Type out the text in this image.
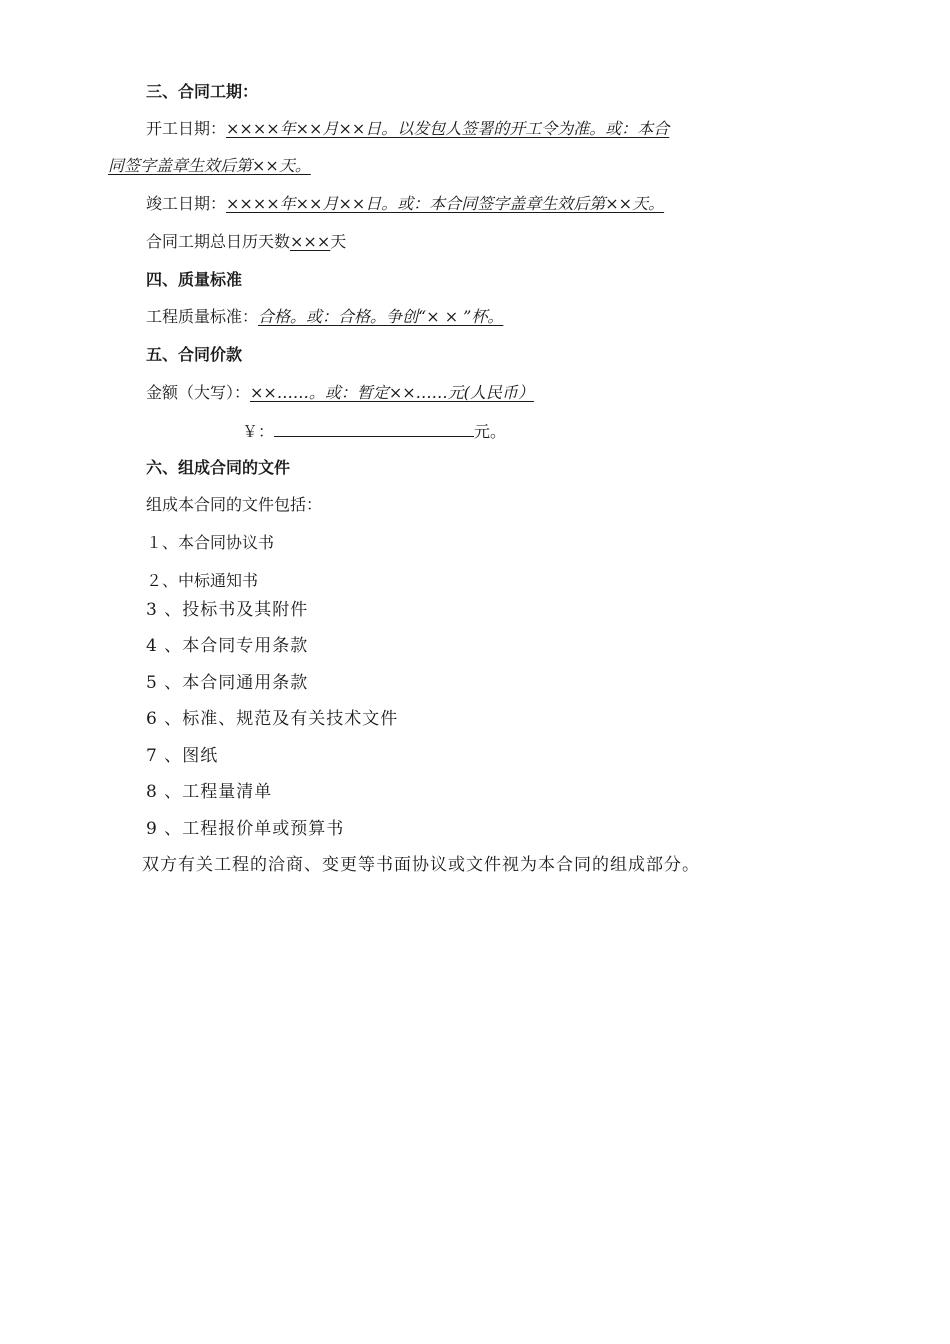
三、合同工期：
开工日期：××××年××月××日。以发包人签署的开工令为准。或：本合
同签字盖章生效后第××天。
竣工日期：××××年××月××日。或：本合同签字盖章生效后第××天。
合同工期总日历天数×××天
四、质量标准
工程质量标准：合格。或：合格。争创“× × ”杯。
五、合同价款
金额（大写）：××……。或：暂定××……元(人民币）
￥：	元。
六、组成合同的文件
组成本合同的文件包括：
１、本合同协议书
２、中标通知书
3 、投标书及其附件
4 、本合同专用条款
5 、本合同通用条款
6 、标准、规范及有关技术文件
7 、图纸
8 、工程量清单
9 、工程报价单或预算书
双方有关工程的洽商、变更等书面协议或文件视为本合同的组成部分。
